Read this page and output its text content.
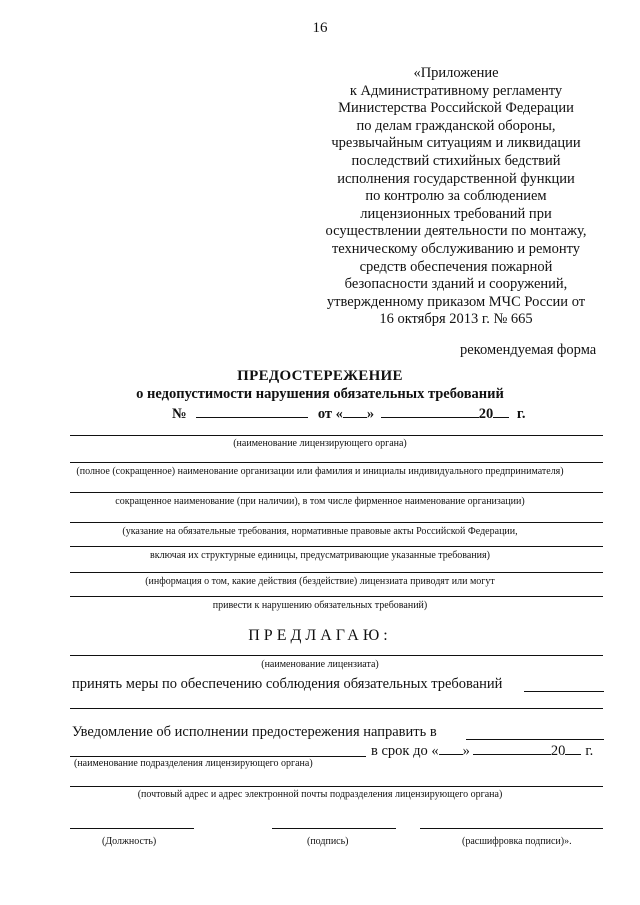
16
«Приложение
к Административному регламенту
Министерства Российской Федерации
по делам гражданской обороны,
чрезвычайным ситуациям и ликвидации
последствий стихийных бедствий
исполнения государственной функции
по контролю за соблюдением
лицензионных требований при
осуществлении деятельности по монтажу,
техническому обслуживанию и ремонту
средств обеспечения пожарной
безопасности зданий и сооружений,
утвержденному приказом МЧС России от
16 октября 2013 г. № 665
рекомендуемая форма
ПРЕДОСТЕРЕЖЕНИЕ
о недопустимости нарушения обязательных требований
№	от « »	20 г.
(наименование лицензирующего органа)
(полное (сокращенное) наименование организации или фамилия и инициалы индивидуального предпринимателя)
сокращенное наименование (при наличии), в том числе фирменное наименование организации)
(указание на обязательные требования, нормативные правовые акты Российской Федерации,
включая их структурные единицы, предусматривающие указанные требования)
(информация о том, какие действия (бездействие) лицензиата приводят или могут
привести к нарушению обязательных требований)
ПРЕДЛАГАЮ:
(наименование лицензиата)
принять меры по обеспечению соблюдения обязательных требований
Уведомление об исполнении предостережения направить в
в срок до « »	20 г.
(наименование подразделения лицензирующего органа)
(почтовый адрес и адрес электронной почты подразделения лицензирующего органа)
(Должность)	(подпись)	(расшифровка подписи)».
